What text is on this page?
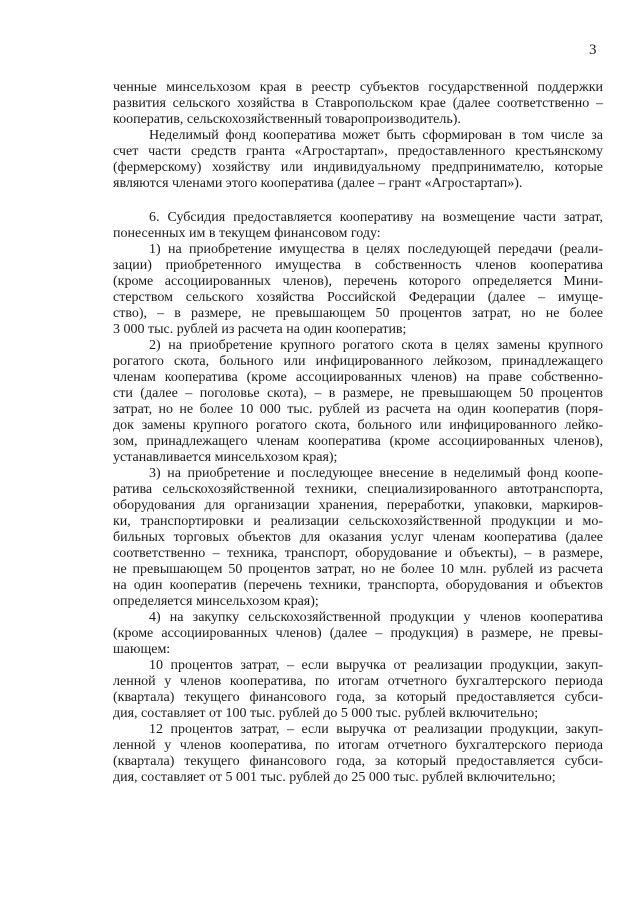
3
ченные минсельхозом края в реестр субъектов государственной поддержки
развития сельского хозяйства в Ставропольском крае (далее соответственно –
кооператив, сельскохозяйственный товаропроизводитель).
Неделимый фонд кооператива может быть сформирован в том числе за
счет части средств гранта «Агростартап», предоставленного крестьянскому
(фермерскому) хозяйству или индивидуальному предпринимателю, которые
являются членами этого кооператива (далее – грант «Агростартап»).
6. Субсидия предоставляется кооперативу на возмещение части затрат,
понесенных им в текущем финансовом году:
1) на приобретение имущества в целях последующей передачи (реали-
зации) приобретенного имущества в собственность членов кооператива
(кроме ассоциированных членов), перечень которого определяется Мини-
стерством сельского хозяйства Российской Федерации (далее – имуще-
ство), – в размере, не превышающем 50 процентов затрат, но не более
3 000 тыс. рублей из расчета на один кооператив;
2) на приобретение крупного рогатого скота в целях замены крупного
рогатого скота, больного или инфицированного лейкозом, принадлежащего
членам кооператива (кроме ассоциированных членов) на праве собственно-
сти (далее – поголовье скота), – в размере, не превышающем 50 процентов
затрат, но не более 10 000 тыс. рублей из расчета на один кооператив (поря-
док замены крупного рогатого скота, больного или инфицированного лейко-
зом, принадлежащего членам кооператива (кроме ассоциированных членов),
устанавливается минсельхозом края);
3) на приобретение и последующее внесение в неделимый фонд коопе-
ратива сельскохозяйственной техники, специализированного автотранспорта,
оборудования для организации хранения, переработки, упаковки, маркиров-
ки, транспортировки и реализации сельскохозяйственной продукции и мо-
бильных торговых объектов для оказания услуг членам кооператива (далее
соответственно – техника, транспорт, оборудование и объекты), – в размере,
не превышающем 50 процентов затрат, но не более 10 млн. рублей из расчета
на один кооператив (перечень техники, транспорта, оборудования и объектов
определяется минсельхозом края);
4) на закупку сельскохозяйственной продукции у членов кооператива
(кроме ассоциированных членов) (далее – продукция) в размере, не превы-
шающем:
10 процентов затрат, – если выручка от реализации продукции, закуп-
ленной у членов кооператива, по итогам отчетного бухгалтерского периода
(квартала) текущего финансового года, за который предоставляется субси-
дия, составляет от 100 тыс. рублей до 5 000 тыс. рублей включительно;
12 процентов затрат, – если выручка от реализации продукции, закуп-
ленной у членов кооператива, по итогам отчетного бухгалтерского периода
(квартала) текущего финансового года, за который предоставляется субси-
дия, составляет от 5 001 тыс. рублей до 25 000 тыс. рублей включительно;
